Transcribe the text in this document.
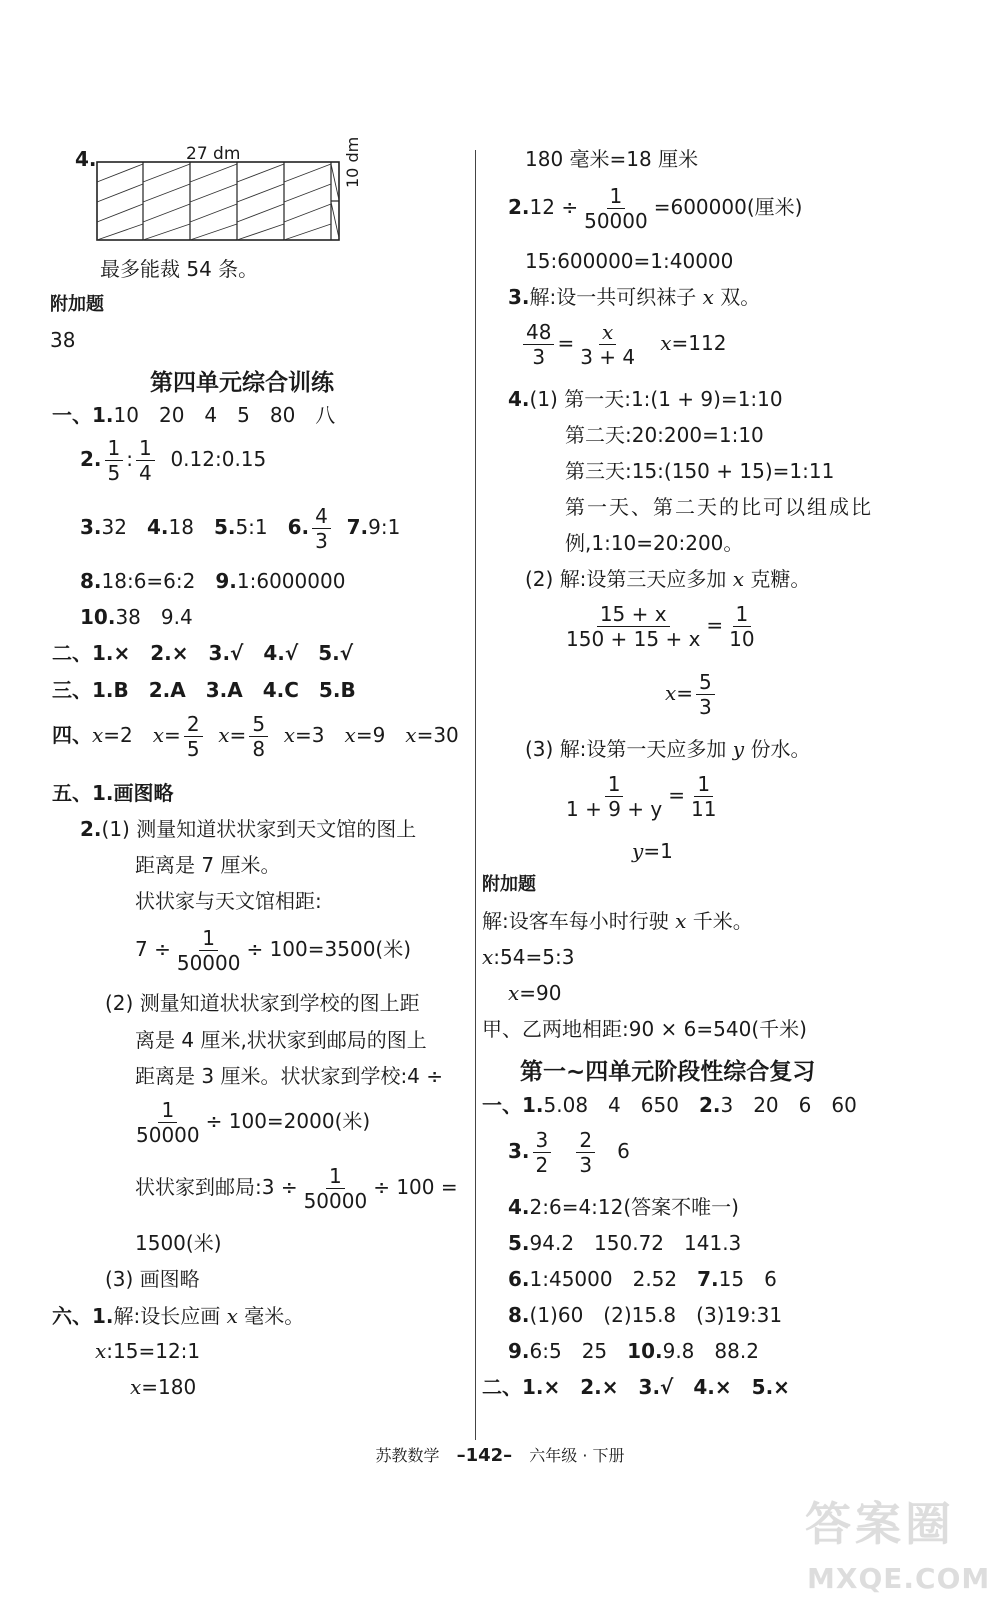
4.	27 dm	10 dm
最多能裁 54 条。
附加题
38
第四单元综合训练
一、1.10　20　4　5　80　八
2. $\frac{1}{5}$ : $\frac{1}{4}$ 0.12:0.15
3.32　4.18　5.5:1　6. $\frac{4}{3}$ 7.9:1
8.18:6=6:2　9.1:6000000
10.38　9.4
二、1.×　2.×　3.√　4.√　5.√
三、1.B　2.A　3.A　4.C　5.B
四、x=2　$x= \frac{2}{5} x= \frac{5}{8} x=3$　x=9　x=30
五、1.画图略
2.(1) 测量知道状状家到天文馆的图上
距离是 7 厘米。
状状家与天文馆相距:
$7 \div \frac{1}{50000} \div 100=3500$(米)
(2) 测量知道状状家到学校的图上距
离是 4 厘米,状状家到邮局的图上
距离是 3 厘米。状状家到学校:4 ÷
$\frac{1}{50000} \div 100=2000$(米)
状状家到邮局:3 ÷ $\frac{1}{50000} \div 100$ =
1500(米)
(3) 画图略
六、1.解:设长应画 x 毫米。
x:15=12:1
x=180
180 毫米=18 厘米
$2.12 \div \frac{1}{50000} =600000$(厘米)
15:600000=1:40000
3.解:设一共可织袜子 x 双。
$\frac{48}{3} = \frac{x}{3 + 4} x=112$
4.(1) 第一天:1:(1 + 9)=1:10
第二天:20:200=1:10
第三天:15:(150 + 15)=1:11
第一天、第二天的比可以组成比
例,1:10=20:200。
(2) 解:设第三天应多加 x 克糖。
$\frac{15 + x}{150 + 15 + x} = \frac{1}{10}$
$x= \frac{5}{3}$
(3) 解:设第一天应多加 y 份水。
$\frac{1}{1 + 9 + y} = \frac{1}{11}$
y=1
附加题
解:设客车每小时行驶 x 千米。
x:54=5:3
x=90
甲、乙两地相距:90 × 6=540(千米)
第一~四单元阶段性综合复习
一、1.5.08　4　650　2.3　20　6　60
3. $\frac{3}{2}$
$\frac{2}{3} 6$
4.2:6=4:12(答案不唯一)
5.94.2　150.72　141.3
6.1:45000　2.52　7.15　6
8.(1)60　(2)15.8　(3)19:31
9.6:5　25　10.9.8　88.2
二、1.×　2.×　3.√　4.×　5.×
苏教数学 –142– 六年级 · 下册
答案圈
MXQE.COM
